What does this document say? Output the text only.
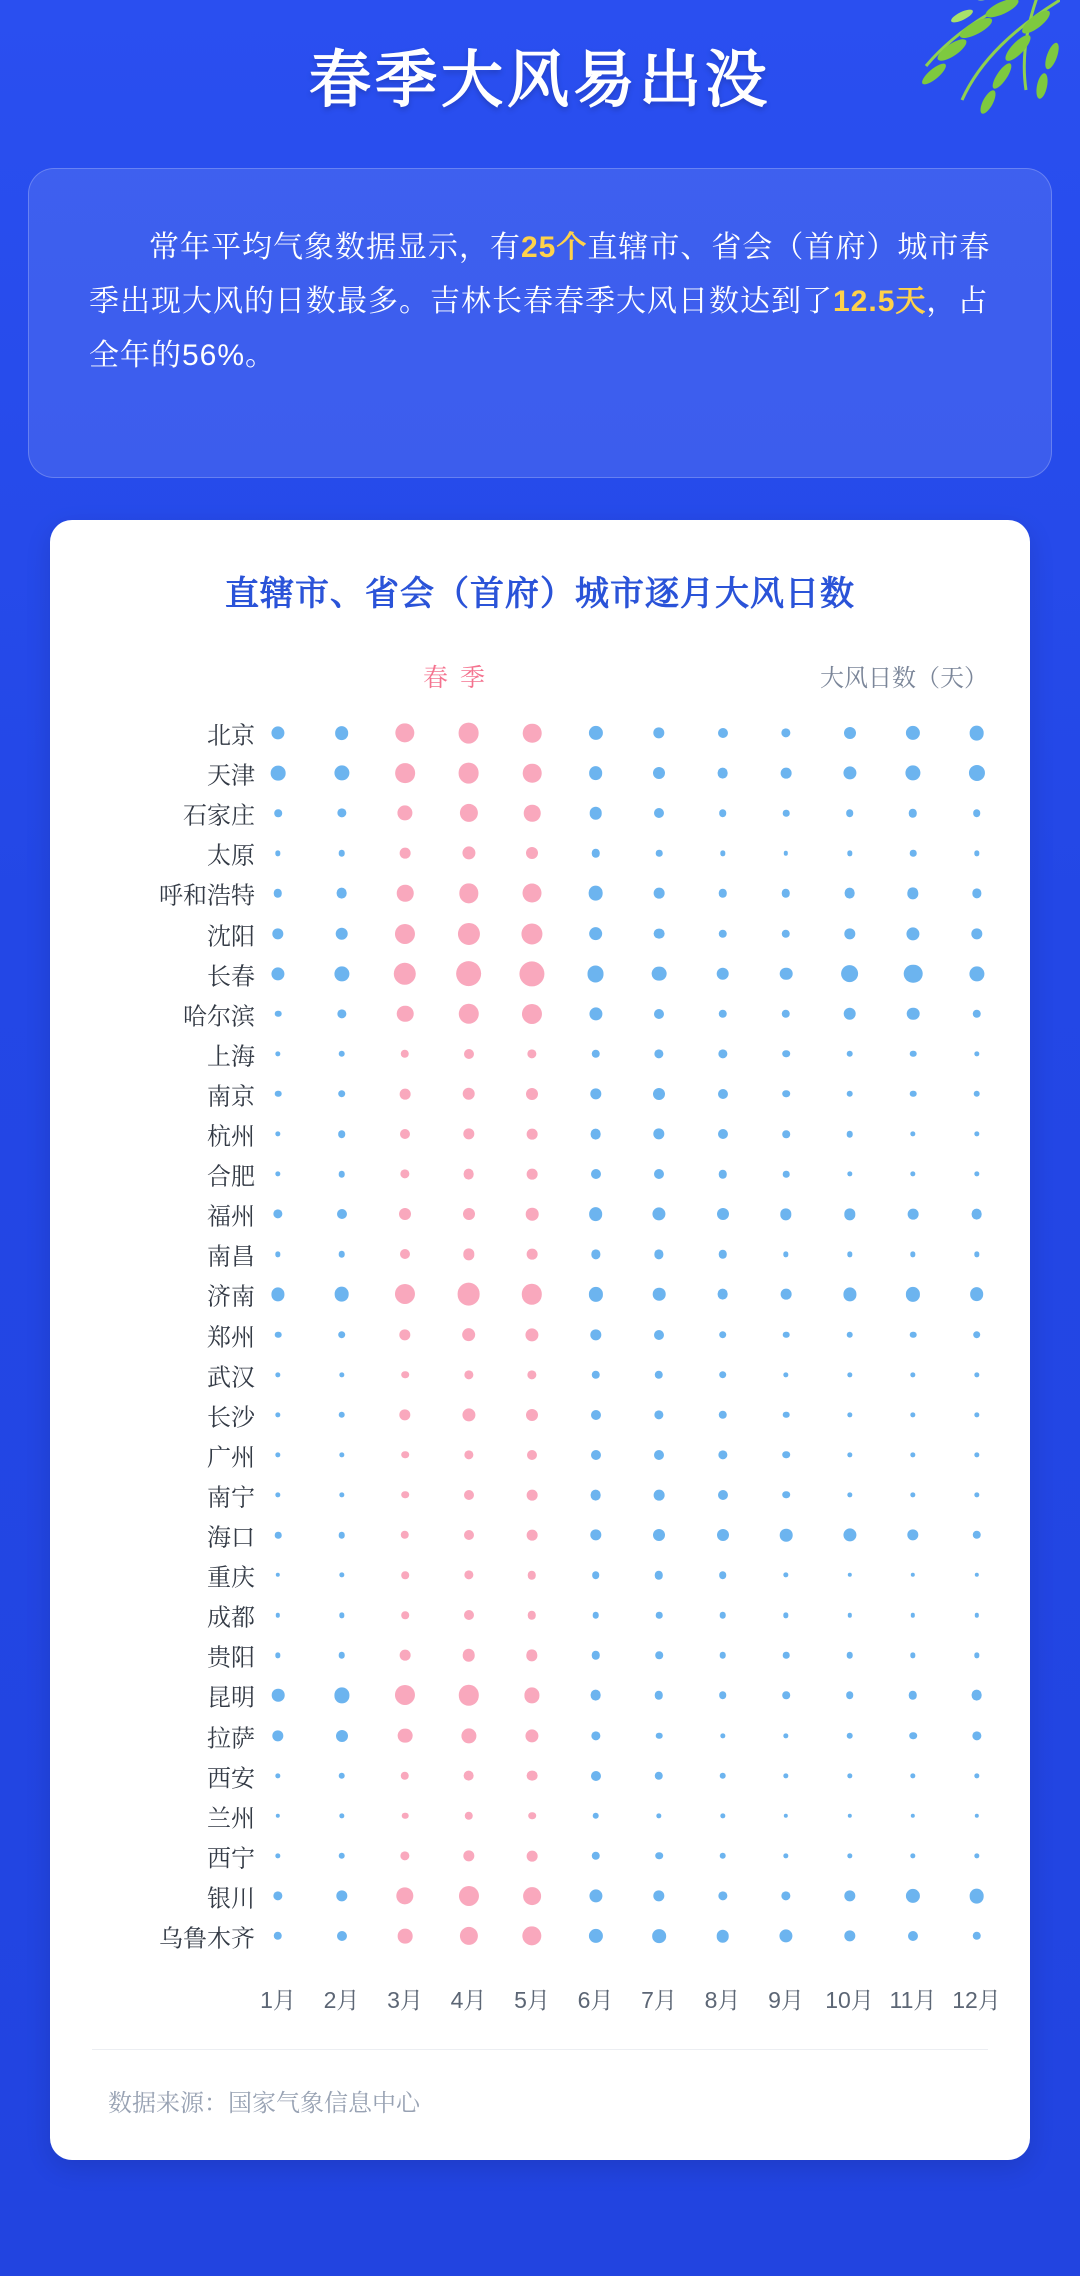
春季大风易出没
常年平均气象数据显示，有25个直辖市、省会（首府）城市春季出现大风的日数最多。吉林长春春季大风日数达到了12.5天，占全年的56%。
直辖市、省会（首府）城市逐月大风日数
春季	大风日数（天）
北京
天津
石家庄
太原
呼和浩特
沈阳
长春
哈尔滨
上海
南京
杭州
合肥
福州
南昌
济南
郑州
武汉
长沙
广州
南宁
海口
重庆
成都
贵阳
昆明
拉萨
西安
兰州
西宁
银川
乌鲁木齐
1月	2月	3月	4月	5月	6月	7月	8月	9月 10月 11月 12月
数据来源：国家气象信息中心
